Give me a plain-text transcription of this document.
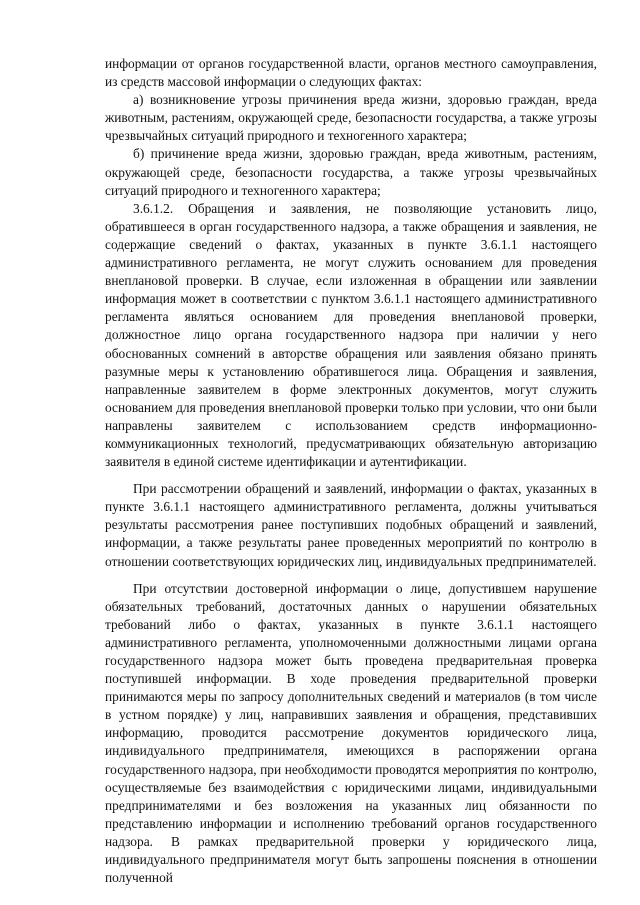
информации от органов государственной власти, органов местного самоуправления, из средств массовой информации о следующих фактах:

а) возникновение угрозы причинения вреда жизни, здоровью граждан, вреда животным, растениям, окружающей среде, безопасности государства, а также угрозы чрезвычайных ситуаций природного и техногенного характера;

б) причинение вреда жизни, здоровью граждан, вреда животным, растениям, окружающей среде, безопасности государства, а также угрозы чрезвычайных ситуаций природного и техногенного характера;

3.6.1.2. Обращения и заявления, не позволяющие установить лицо, обратившееся в орган государственного надзора, а также обращения и заявления, не содержащие сведений о фактах, указанных в пункте 3.6.1.1 настоящего административного регламента, не могут служить основанием для проведения внеплановой проверки. В случае, если изложенная в обращении или заявлении информация может в соответствии с пунктом 3.6.1.1 настоящего административного регламента являться основанием для проведения внеплановой проверки, должностное лицо органа государственного надзора при наличии у него обоснованных сомнений в авторстве обращения или заявления обязано принять разумные меры к установлению обратившегося лица. Обращения и заявления, направленные заявителем в форме электронных документов, могут служить основанием для проведения внеплановой проверки только при условии, что они были направлены заявителем с использованием средств информационно-коммуникационных технологий, предусматривающих обязательную авторизацию заявителя в единой системе идентификации и аутентификации.

При рассмотрении обращений и заявлений, информации о фактах, указанных в пункте 3.6.1.1 настоящего административного регламента, должны учитываться результаты рассмотрения ранее поступивших подобных обращений и заявлений, информации, а также результаты ранее проведенных мероприятий по контролю в отношении соответствующих юридических лиц, индивидуальных предпринимателей.

При отсутствии достоверной информации о лице, допустившем нарушение обязательных требований, достаточных данных о нарушении обязательных требований либо о фактах, указанных в пункте 3.6.1.1 настоящего административного регламента, уполномоченными должностными лицами органа государственного надзора может быть проведена предварительная проверка поступившей информации. В ходе проведения предварительной проверки принимаются меры по запросу дополнительных сведений и материалов (в том числе в устном порядке) у лиц, направивших заявления и обращения, представивших информацию, проводится рассмотрение документов юридического лица, индивидуального предпринимателя, имеющихся в распоряжении органа государственного надзора, при необходимости проводятся мероприятия по контролю, осуществляемые без взаимодействия с юридическими лицами, индивидуальными предпринимателями и без возложения на указанных лиц обязанности по представлению информации и исполнению требований органов государственного надзора. В рамках предварительной проверки у юридического лица, индивидуального предпринимателя могут быть запрошены пояснения в отношении полученной
